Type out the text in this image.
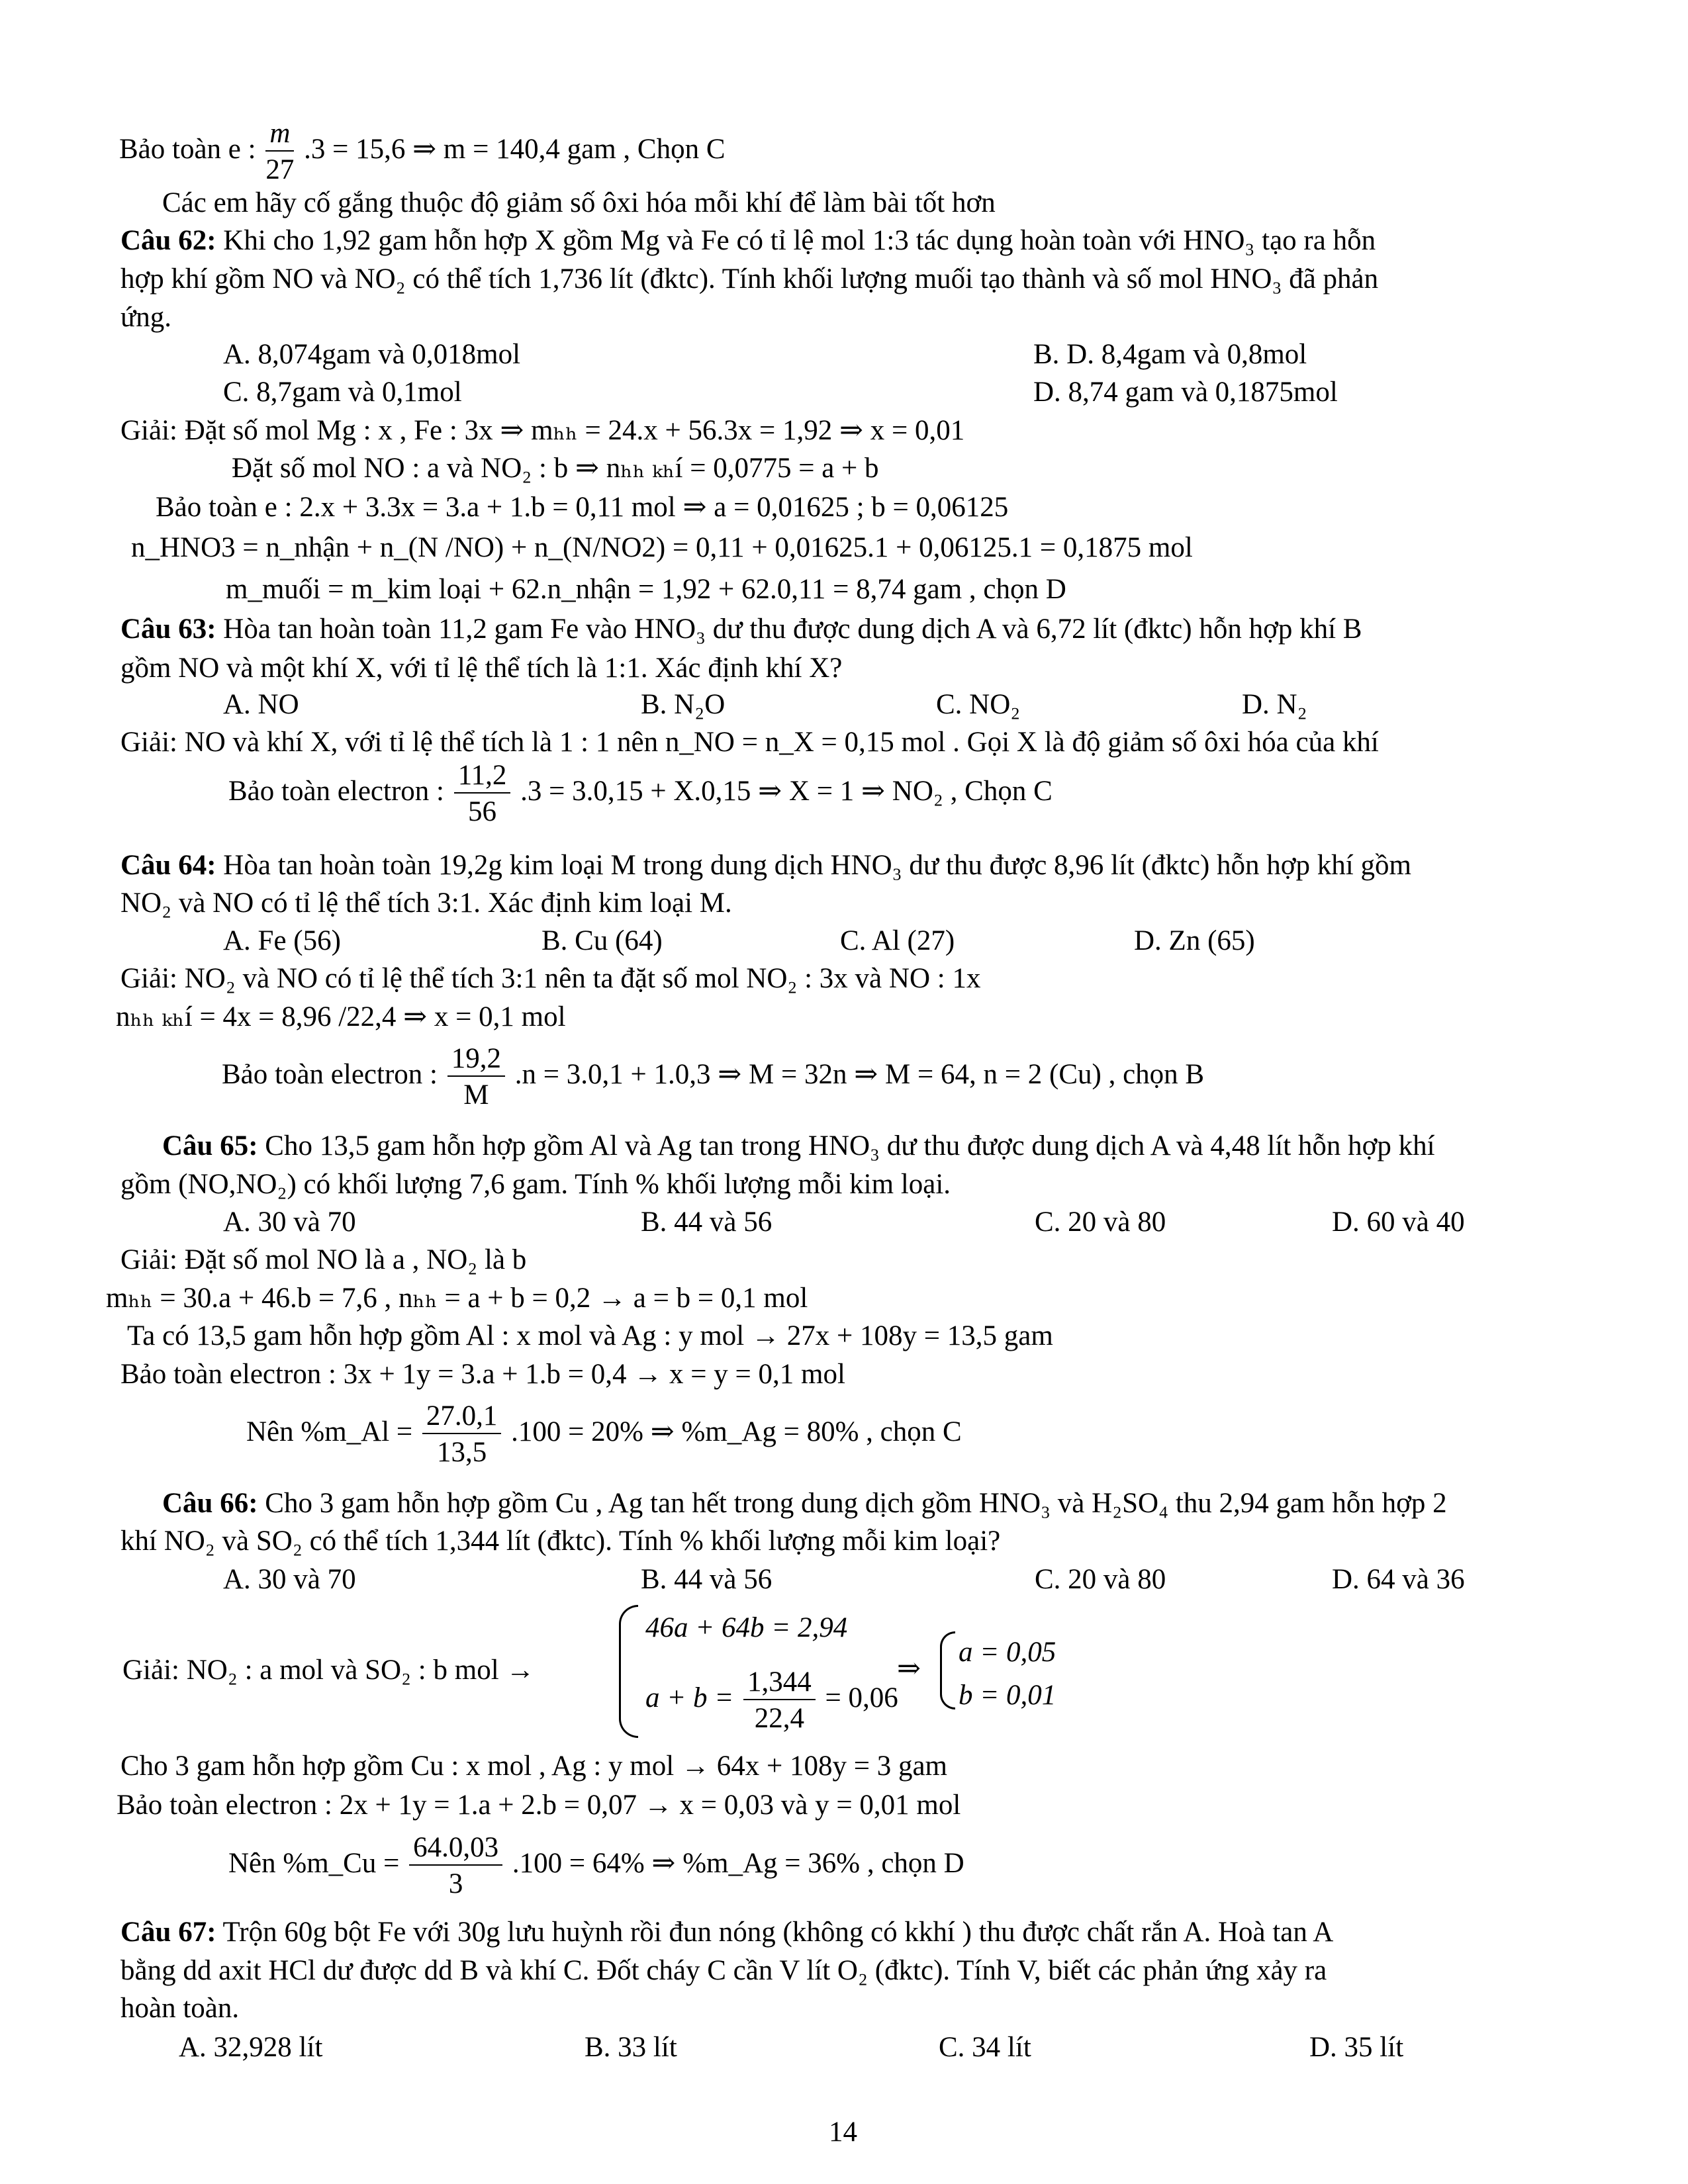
Bảo toàn e : $\frac{m}{27} .3 = 15,6$ ⇒ m = 140,4 gam , Chọn C
Các em hãy cố gắng thuộc độ giảm số ôxi hóa mỗi khí để làm bài tốt hơn
Câu 62: Khi cho 1,92 gam hỗn hợp X gồm Mg và Fe có tỉ lệ mol 1:3 tác dụng hoàn toàn với HNO₃ tạo ra hỗn
hợp khí gồm NO và NO₂ có thể tích 1,736 lít (đktc). Tính khối lượng muối tạo thành và số mol HNO₃ đã phản
ứng.
A. 8,074gam và 0,018mol	B. D. 8,4gam và 0,8mol
C. 8,7gam và 0,1mol	D. 8,74 gam và 0,1875mol
Giải: Đặt số mol Mg : x , Fe : 3x ⇒ mₕₕ = 24.x + 56.3x = 1,92 ⇒ x = 0,01
Đặt số mol NO : a và NO₂ : b ⇒ nₕₕ ₖₕí = 0,0775 = a + b
Bảo toàn e : 2.x + 3.3x = 3.a + 1.b = 0,11 mol ⇒ a = 0,01625 ; b = 0,06125
n_HNO3 = n_nhận + n_(N /NO) + n_(N/NO2) = 0,11 + 0,01625.1 + 0,06125.1 = 0,1875 mol
m_muối = m_kim loại + 62.n_nhận = 1,92 + 62.0,11 = 8,74 gam , chọn D
Câu 63: Hòa tan hoàn toàn 11,2 gam Fe vào HNO₃ dư thu được dung dịch A và 6,72 lít (đktc) hỗn hợp khí B
gồm NO và một khí X, với tỉ lệ thể tích là 1:1. Xác định khí X?
A. NO	B. N₂O	C. NO₂	D. N₂
Giải: NO và khí X, với tỉ lệ thể tích là 1 : 1 nên n_NO = n_X = 0,15 mol . Gọi X là độ giảm số ôxi hóa của khí
Bảo toàn electron : $\frac{11,2}{56} .3 = 3.0,15 + X.0,15$ ⇒ X = 1 ⇒ NO₂ , Chọn C
Câu 64: Hòa tan hoàn toàn 19,2g kim loại M trong dung dịch HNO₃ dư thu được 8,96 lít (đktc) hỗn hợp khí gồm
NO₂ và NO có tỉ lệ thể tích 3:1. Xác định kim loại M.
A. Fe (56)	B. Cu (64)	C. Al (27)	D. Zn (65)
Giải: NO₂ và NO có tỉ lệ thể tích 3:1 nên ta đặt số mol NO₂ : 3x và NO : 1x
nₕₕ ₖₕí = 4x = 8,96 /22,4 ⇒ x = 0,1 mol
Bảo toàn electron : $\frac{19,2}{M} .n = 3.0,1 + 1.0,3$ ⇒ M = 32n ⇒ M = 64, n = 2 (Cu) , chọn B
Câu 65: Cho 13,5 gam hỗn hợp gồm Al và Ag tan trong HNO₃ dư thu được dung dịch A và 4,48 lít hỗn hợp khí
gồm (NO,NO₂) có khối lượng 7,6 gam. Tính % khối lượng mỗi kim loại.
A. 30 và 70	B. 44 và 56	C. 20 và 80	D. 60 và 40
Giải: Đặt số mol NO là a , NO₂ là b
mₕₕ = 30.a + 46.b = 7,6 , nₕₕ = a + b = 0,2 → a = b = 0,1 mol
Ta có 13,5 gam hỗn hợp gồm Al : x mol và Ag : y mol → 27x + 108y = 13,5 gam
Bảo toàn electron : 3x + 1y = 3.a + 1.b = 0,4 → x = y = 0,1 mol
Nên %m_Al = $\frac{27.0,1}{13,5} .100 = 20\%$ ⇒ %m_Ag = 80% , chọn C
Câu 66: Cho 3 gam hỗn hợp gồm Cu , Ag tan hết trong dung dịch gồm HNO₃ và H₂SO₄ thu 2,94 gam hỗn hợp 2
khí NO₂ và SO₂ có thể tích 1,344 lít (đktc). Tính % khối lượng mỗi kim loại?
A. 30 và 70	B. 44 và 56	C. 20 và 80	D. 64 và 36
Giải: NO₂ : a mol và SO₂ : b mol →
46a + 64b = 2,94
$a + b = \frac{1,344}{22,4} = 0,06$
⇒
a = 0,05
b = 0,01
Cho 3 gam hỗn hợp gồm Cu : x mol , Ag : y mol → 64x + 108y = 3 gam
Bảo toàn electron : 2x + 1y = 1.a + 2.b = 0,07 → x = 0,03 và y = 0,01 mol
Nên %m_Cu = $\frac{64.0,03}{3} .100 = 64\%$ ⇒ %m_Ag = 36% , chọn D
Câu 67: Trộn 60g bột Fe với 30g lưu huỳnh rồi đun nóng (không có kkhí ) thu được chất rắn A. Hoà tan A
bằng dd axit HCl dư được dd B và khí C. Đốt cháy C cần V lít O₂ (đktc). Tính V, biết các phản ứng xảy ra
hoàn toàn.
A. 32,928 lít	B. 33 lít	C. 34 lít	D. 35 lít
14
